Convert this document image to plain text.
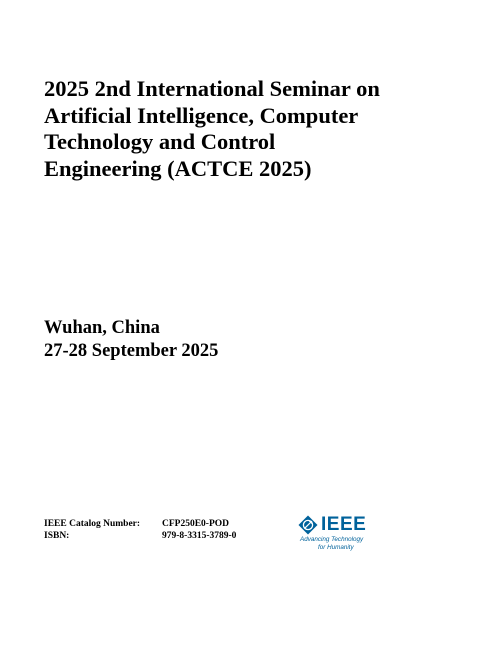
2025 2nd International Seminar on
Artificial Intelligence, Computer
Technology and Control
Engineering (ACTCE 2025)
Wuhan, China
27-28 September 2025
IEEE Catalog Number:	CFP250E0-POD
ISBN:	979-8-3315-3789-0
IEEE
Advancing Technology
for Humanity
